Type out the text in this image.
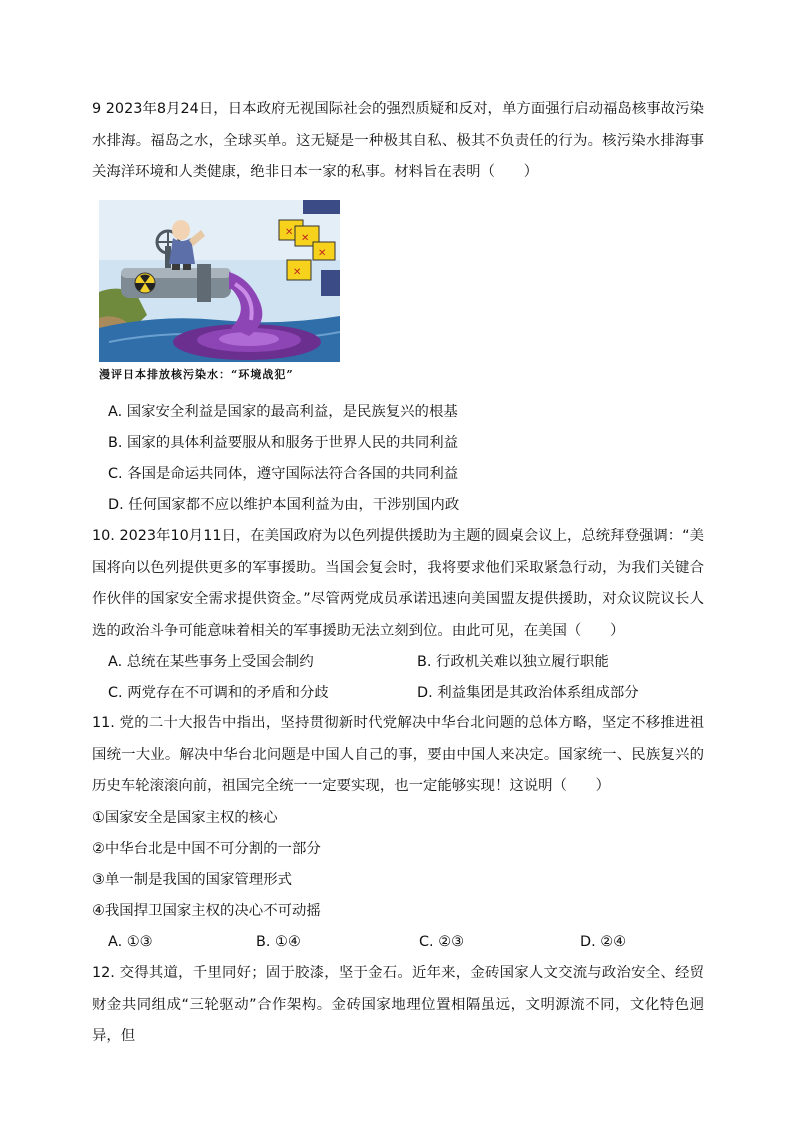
9 2023年8月24日，日本政府无视国际社会的强烈质疑和反对，单方面强行启动福岛核事故污染水排海。福岛之水，全球买单。这无疑是一种极其自私、极其不负责任的行为。核污染水排海事关海洋环境和人类健康，绝非日本一家的私事。材料旨在表明（　　）

✕
✕
✕
✕
漫评日本排放核污染水：“环境战犯”
A. 国家安全利益是国家的最高利益，是民族复兴的根基
B. 国家的具体利益要服从和服务于世界人民的共同利益
C. 各国是命运共同体，遵守国际法符合各国的共同利益
D. 任何国家都不应以维护本国利益为由，干涉别国内政

10. 2023年10月11日，在美国政府为以色列提供援助为主题的圆桌会议上，总统拜登强调：“美国将向以色列提供更多的军事援助。当国会复会时，我将要求他们采取紧急行动，为我们关键合作伙伴的国家安全需求提供资金。”尽管两党成员承诺迅速向美国盟友提供援助，对众议院议长人选的政治斗争可能意味着相关的军事援助无法立刻到位。由此可见，在美国（　　）

A. 总统在某些事务上受国会制约	B. 行政机关难以独立履行职能
C. 两党存在不可调和的矛盾和分歧	D. 利益集团是其政治体系组成部分

11. 党的二十大报告中指出，坚持贯彻新时代党解决中华台北问题的总体方略，坚定不移推进祖国统一大业。解决中华台北问题是中国人自己的事，要由中国人来决定。国家统一、民族复兴的历史车轮滚滚向前，祖国完全统一一定要实现，也一定能够实现！这说明（　　）

①国家安全是国家主权的核心
②中华台北是中国不可分割的一部分
③单一制是我国的国家管理形式
④我国捍卫国家主权的决心不可动摇
A. ①③	B. ①④	C. ②③	D. ②④

12. 交得其道，千里同好；固于胶漆，坚于金石。近年来，金砖国家人文交流与政治安全、经贸财金共同组成“三轮驱动”合作架构。金砖国家地理位置相隔虽远，文明源流不同，文化特色迥异，但
